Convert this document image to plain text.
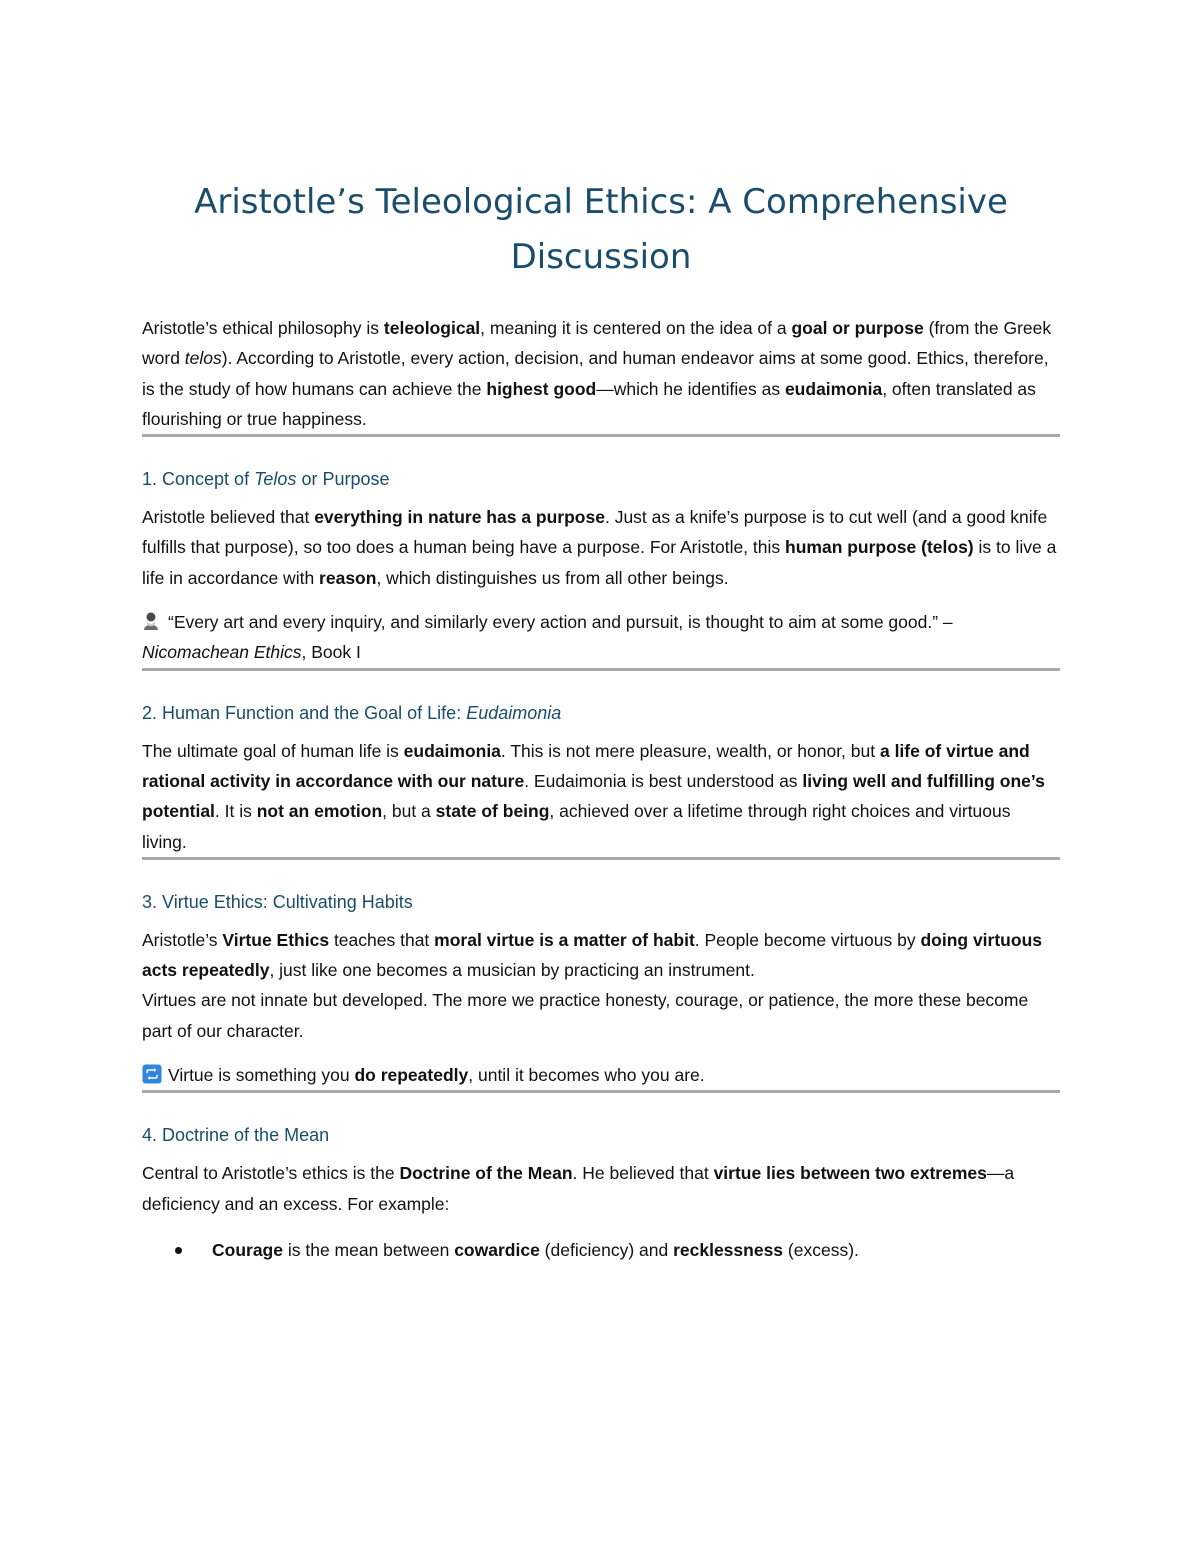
Aristotle’s Teleological Ethics: A Comprehensive Discussion

Aristotle’s ethical philosophy is teleological, meaning it is centered on the idea of a goal or purpose (from the Greek word telos). According to Aristotle, every action, decision, and human endeavor aims at some good. Ethics, therefore, is the study of how humans can achieve the highest good—which he identifies as eudaimonia, often translated as flourishing or true happiness.

1. Concept of Telos or Purpose

Aristotle believed that everything in nature has a purpose. Just as a knife’s purpose is to cut well (and a good knife fulfills that purpose), so too does a human being have a purpose. For Aristotle, this human purpose (telos) is to live a life in accordance with reason, which distinguishes us from all other beings.

“Every art and every inquiry, and similarly every action and pursuit, is thought to aim at some good.” – Nicomachean Ethics, Book I

2. Human Function and the Goal of Life: Eudaimonia

The ultimate goal of human life is eudaimonia. This is not mere pleasure, wealth, or honor, but a life of virtue and rational activity in accordance with our nature. Eudaimonia is best understood as living well and fulfilling one’s potential. It is not an emotion, but a state of being, achieved over a lifetime through right choices and virtuous living.

3. Virtue Ethics: Cultivating Habits

Aristotle’s Virtue Ethics teaches that moral virtue is a matter of habit. People become virtuous by doing virtuous acts repeatedly, just like one becomes a musician by practicing an instrument.
Virtues are not innate but developed. The more we practice honesty, courage, or patience, the more these become part of our character.

Virtue is something you do repeatedly, until it becomes who you are.

4. Doctrine of the Mean

Central to Aristotle’s ethics is the Doctrine of the Mean. He believed that virtue lies between two extremes—a deficiency and an excess. For example:

Courage is the mean between cowardice (deficiency) and recklessness (excess).
